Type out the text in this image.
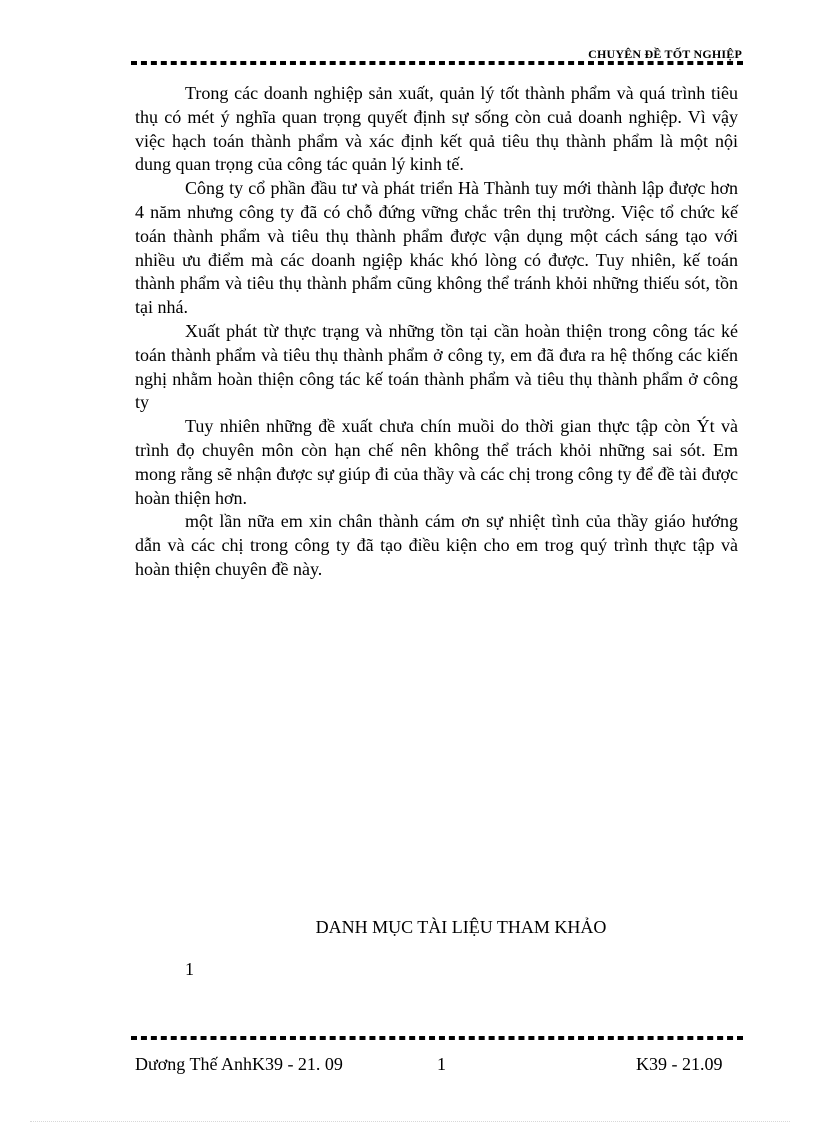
CHUYÊN ĐỀ TỐT NGHIỆP

Trong các doanh nghiệp sản xuất, quản lý tốt thành phẩm và quá trình tiêu thụ có mét ý nghĩa quan trọng quyết định sự sống còn cuả doanh nghiệp. Vì vậy việc hạch toán thành phẩm và xác định kết quả tiêu thụ thành phẩm là một nội dung quan trọng của công tác quản lý kinh tế.

Công ty cổ phần đầu tư và phát triển Hà Thành tuy mới thành lập được hơn 4 năm nhưng công ty đã có chỗ đứng vững chắc trên thị trường. Việc tổ chức kế toán thành phẩm và tiêu thụ thành phẩm được vận dụng một cách sáng tạo với nhiều ưu điểm mà các doanh ngiệp khác khó lòng có được. Tuy nhiên, kế toán thành phẩm và tiêu thụ thành phẩm cũng không thể tránh khỏi những thiếu sót, tồn tại nhá.

Xuất phát từ thực trạng và những tồn tại cần hoàn thiện trong công tác ké toán thành phẩm và tiêu thụ thành phẩm ở công ty, em đã đưa ra hệ thống các kiến nghị nhằm hoàn thiện công tác kế toán thành phẩm và tiêu thụ thành phẩm ở công ty

Tuy nhiên những đề xuất chưa chín muồi do thời gian thực tập còn Ýt và trình đọ chuyên môn còn hạn chế nên không thể trách khỏi những sai sót. Em mong rằng sẽ nhận được sự giúp đi của thầy và các chị trong công ty để đề tài được hoàn thiện hơn.

một lần nữa em xin chân thành cám ơn sự nhiệt tình của thầy giáo hướng dẫn và các chị trong công ty đã tạo điều kiện cho em trog quý trình thực tập và hoàn thiện chuyên đề này.

DANH MỤC TÀI LIỆU THAM KHẢO
1
Dương Thế AnhK39 - 21. 09	1	K39 - 21.09
